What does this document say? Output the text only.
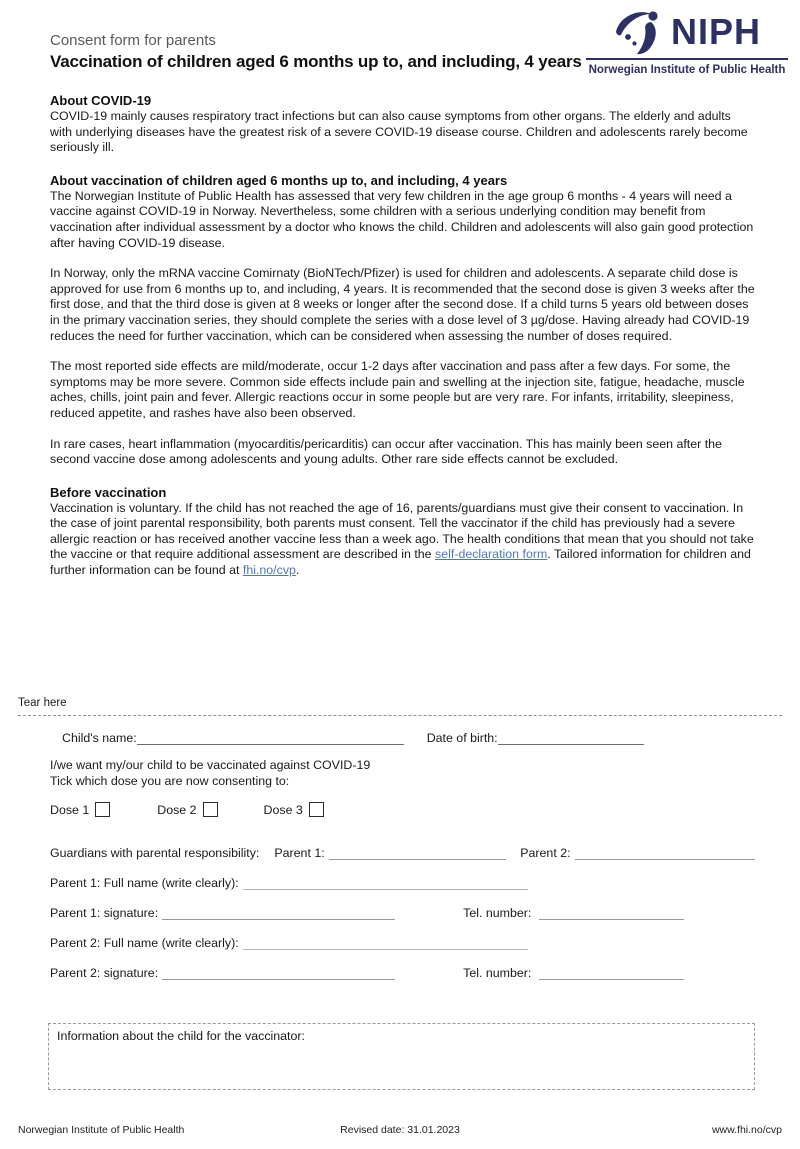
Consent form for parents
Vaccination of children aged 6 months up to, and including, 4 years
NIPH
Norwegian Institute of Public Health
About COVID-19

COVID-19 mainly causes respiratory tract infections but can also cause symptoms from other organs. The elderly and adults with underlying diseases have the greatest risk of a severe COVID-19 disease course. Children and adolescents rarely become seriously ill.

About vaccination of children aged 6 months up to, and including, 4 years

The Norwegian Institute of Public Health has assessed that very few children in the age group 6 months - 4 years will need a vaccine against COVID-19 in Norway. Nevertheless, some children with a serious underlying condition may benefit from vaccination after individual assessment by a doctor who knows the child. Children and adolescents will also gain good protection after having COVID-19 disease.

In Norway, only the mRNA vaccine Comirnaty (BioNTech/Pfizer) is used for children and adolescents. A separate child dose is approved for use from 6 months up to, and including, 4 years. It is recommended that the second dose is given 3 weeks after the first dose, and that the third dose is given at 8 weeks or longer after the second dose. If a child turns 5 years old between doses in the primary vaccination series, they should complete the series with a dose level of 3 µg/dose. Having already had COVID-19 reduces the need for further vaccination, which can be considered when assessing the number of doses required.

The most reported side effects are mild/moderate, occur 1-2 days after vaccination and pass after a few days. For some, the symptoms may be more severe. Common side effects include pain and swelling at the injection site, fatigue, headache, muscle aches, chills, joint pain and fever. Allergic reactions occur in some people but are very rare. For infants, irritability, sleepiness, reduced appetite, and rashes have also been observed.

In rare cases, heart inflammation (myocarditis/pericarditis) can occur after vaccination. This has mainly been seen after the second vaccine dose among adolescents and young adults. Other rare side effects cannot be excluded.

Before vaccination

Vaccination is voluntary. If the child has not reached the age of 16, parents/guardians must give their consent to vaccination. In the case of joint parental responsibility, both parents must consent. Tell the vaccinator if the child has previously had a severe allergic reaction or has received another vaccine less than a week ago. The health conditions that mean that you should not take the vaccine or that require additional assessment are described in the self-declaration form. Tailored information for children and further information can be found at fhi.no/cvp.

Tear here
Child's name:	Date of birth:
I/we want my/our child to be vaccinated against COVID-19
Tick which dose you are now consenting to:
Dose 1	Dose 2	Dose 3
Guardians with parental responsibility: Parent 1:	Parent 2:
Parent 1: Full name (write clearly):
Parent 1: signature:	Tel. number:
Parent 2: Full name (write clearly):
Parent 2: signature:	Tel. number:
Information about the child for the vaccinator:
Revised date: 31.01.2023
Norwegian Institute of Public Health	www.fhi.no/cvp
